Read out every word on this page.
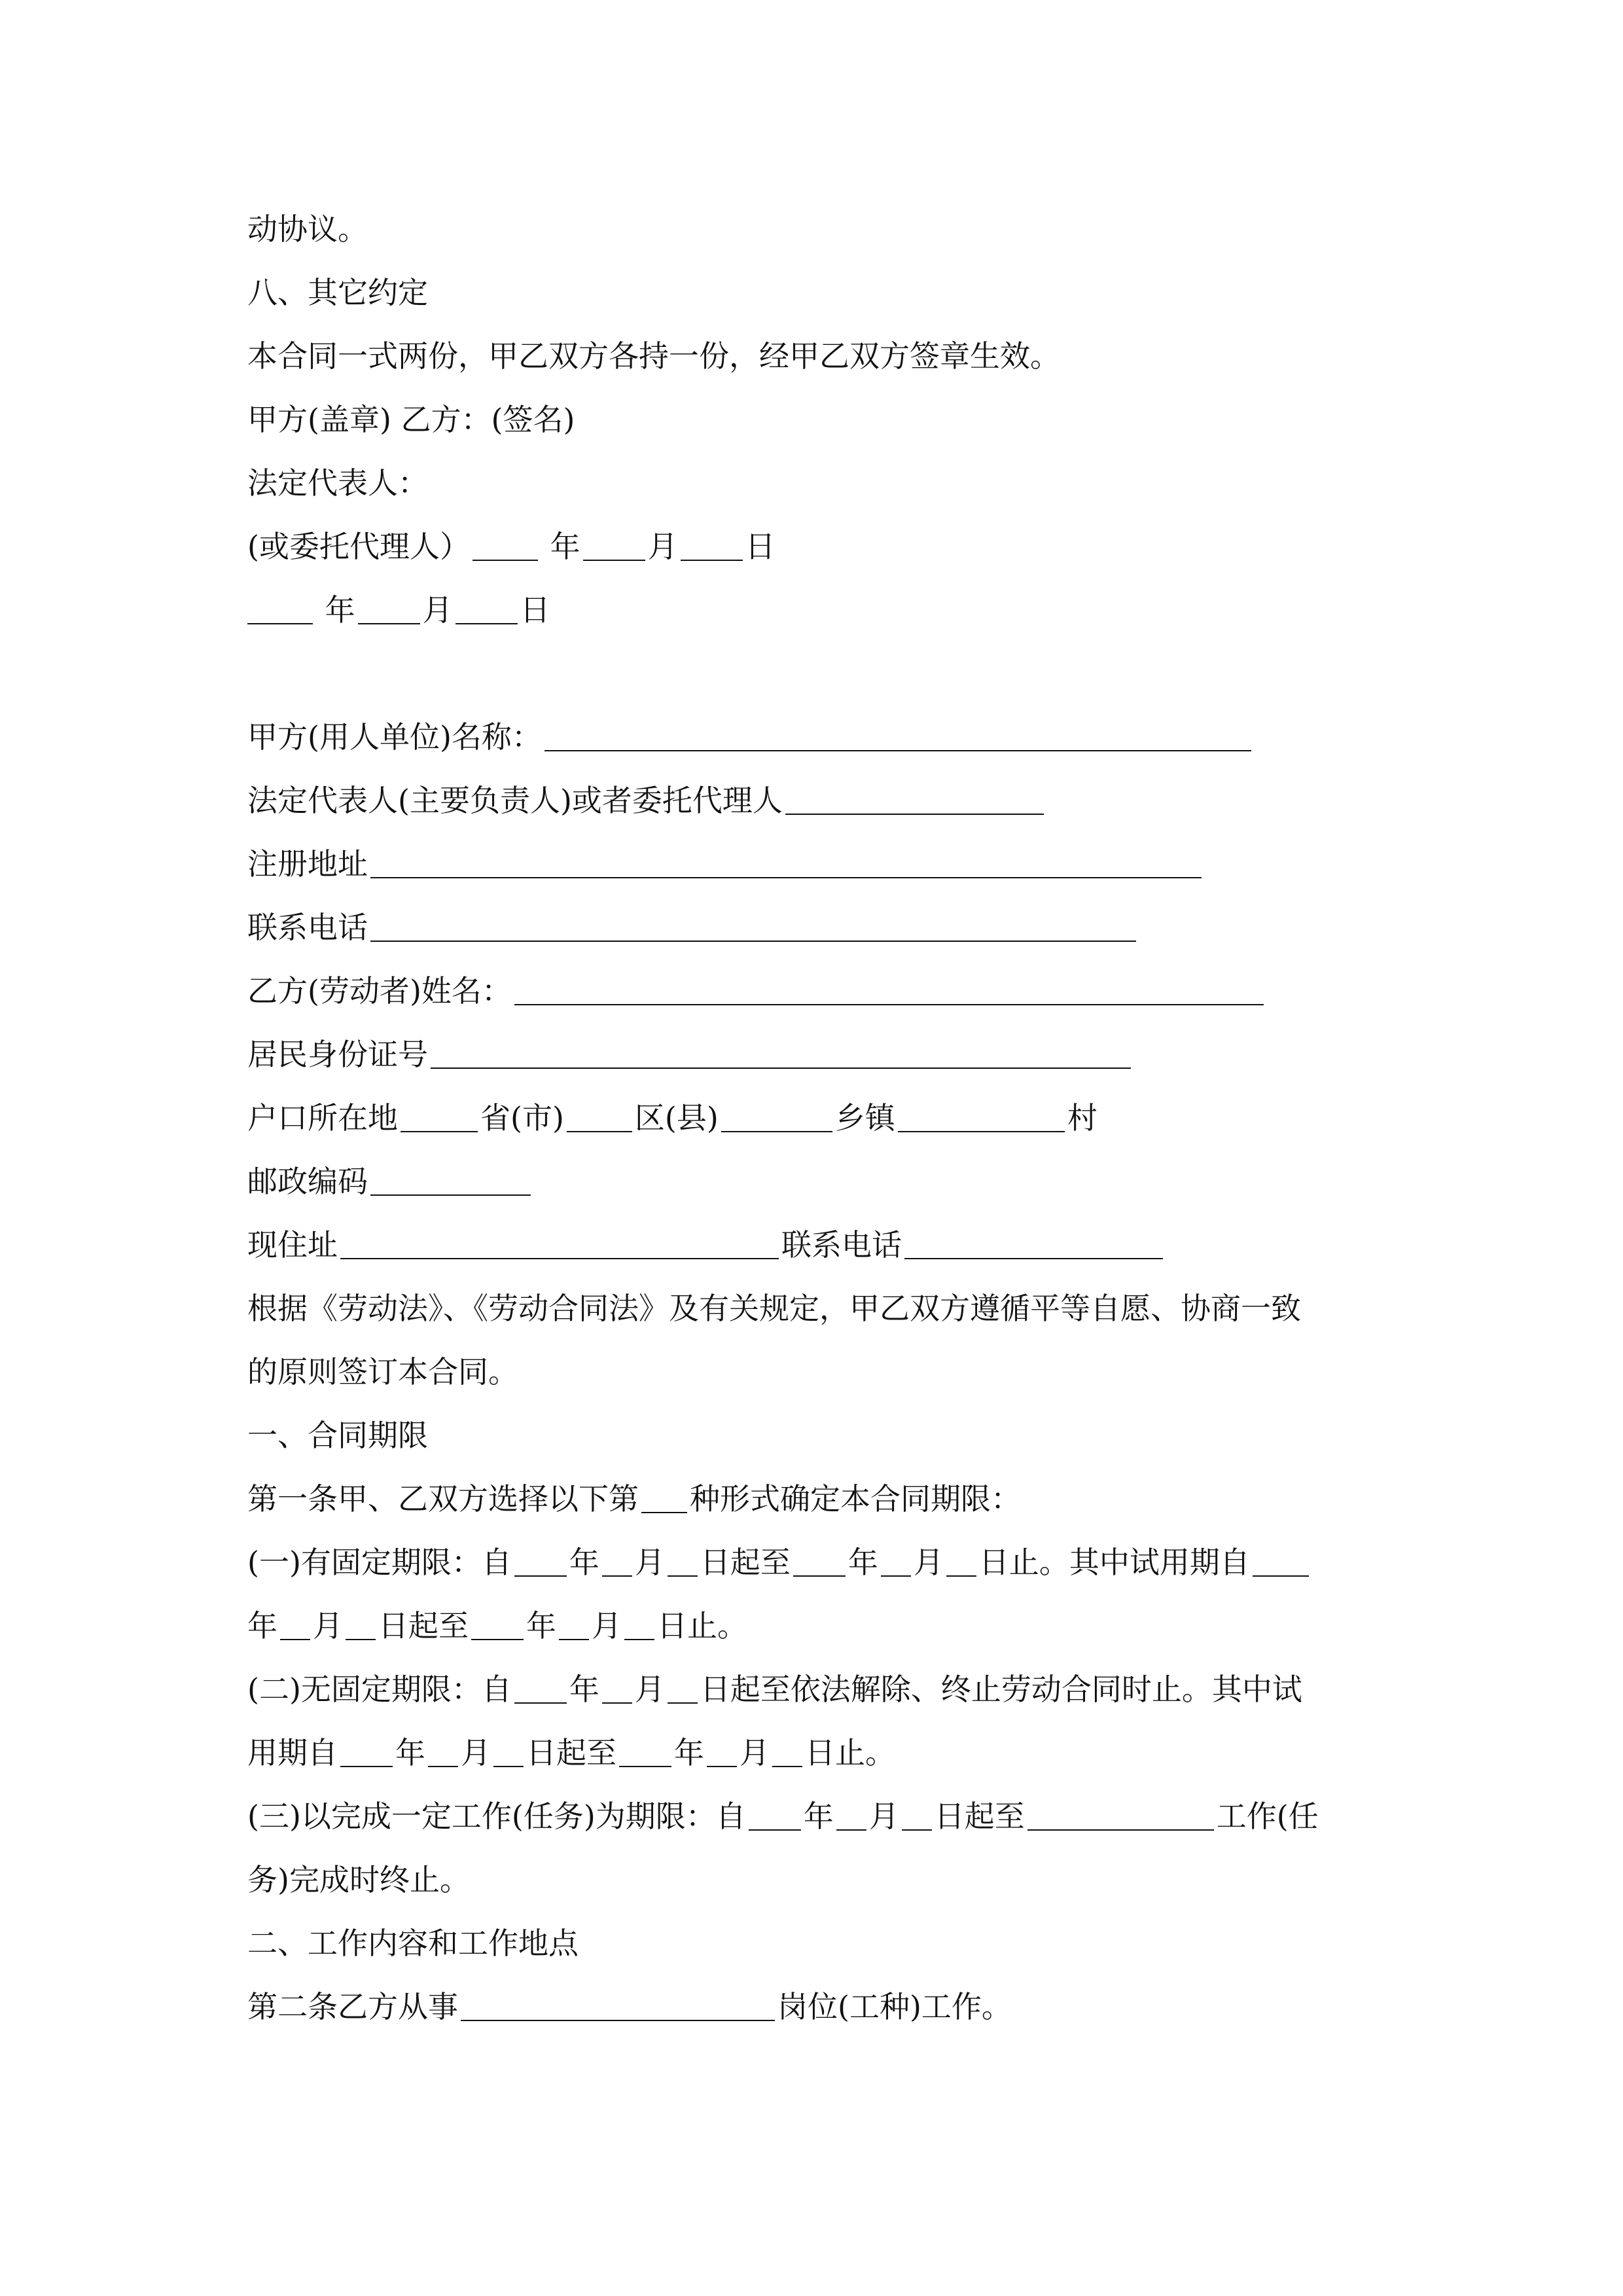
动协议。
八、其它约定
本合同一式两份，甲乙双方各持一份，经甲乙双方签章生效。
甲方(盖章) 乙方：(签名)
法定代表人：
(或委托代理人）	年 月 日
年 月 日
甲方(用人单位)名称：
法定代表人(主要负责人)或者委托代理人
注册地址
联系电话
乙方(劳动者)姓名：
居民身份证号
户口所在地	省(市) 区(县)	乡镇	村
邮政编码
现住址	联系电话
根据《劳动法》、《劳动合同法》及有关规定，甲乙双方遵循平等自愿、协商一致
的原则签订本合同。
一、合同期限
第一条甲、乙双方选择以下第 种形式确定本合同期限：
(一)有固定期限：自 年 月 日起至 年 月 日止。其中试用期自
年 月 日起至 年 月 日止。
(二)无固定期限：自 年 月 日起至依法解除、终止劳动合同时止。其中试
用期自 年 月 日起至 年 月 日止。
(三)以完成一定工作(任务)为期限：自 年 月 日起至	工作(任
务)完成时终止。
二、工作内容和工作地点
第二条乙方从事	岗位(工种)工作。
